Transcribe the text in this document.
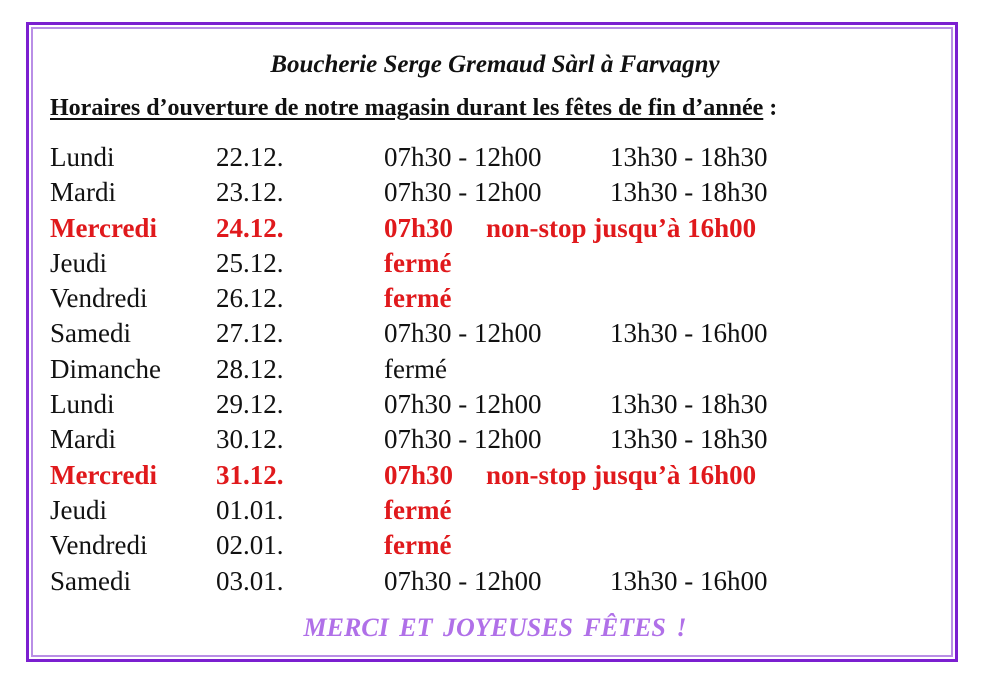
Boucherie Serge Gremaud Sàrl à Farvagny
Horaires d’ouverture de notre magasin durant les fêtes de fin d’année :
Lundi	22.12.	07h30 - 12h00	13h30 - 18h30
Mardi	23.12.	07h30 - 12h00	13h30 - 18h30
Mercredi 24.12.	07h30 non-stop jusqu’à 16h00
Jeudi	25.12.	fermé
Vendredi	26.12.	fermé
Samedi	27.12.	07h30 - 12h00	13h30 - 16h00
Dimanche 28.12.	fermé
Lundi	29.12.	07h30 - 12h00	13h30 - 18h30
Mardi	30.12.	07h30 - 12h00	13h30 - 18h30
Mercredi 31.12.	07h30 non-stop jusqu’à 16h00
Jeudi	01.01.	fermé
Vendredi	02.01.	fermé
Samedi	03.01.	07h30 - 12h00	13h30 - 16h00
MERCI ET JOYEUSES FÊTES !
